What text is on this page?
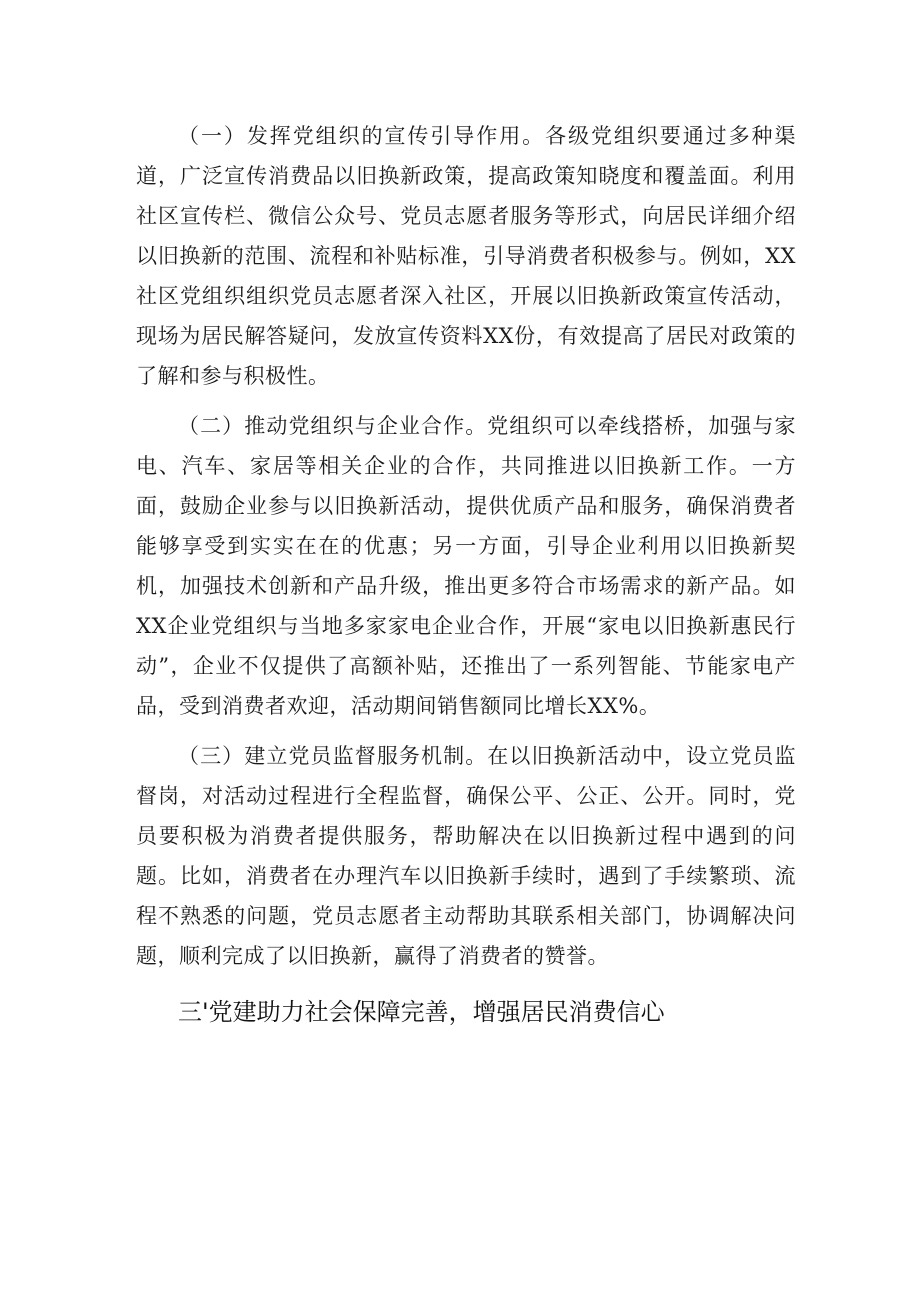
（一）发挥党组织的宣传引导作用。各级党组织要通过多种渠道，广泛宣传消费品以旧换新政策，提高政策知晓度和覆盖面。利用社区宣传栏、微信公众号、党员志愿者服务等形式，向居民详细介绍以旧换新的范围、流程和补贴标准，引导消费者积极参与。例如，XX社区党组织组织党员志愿者深入社区，开展以旧换新政策宣传活动，现场为居民解答疑问，发放宣传资料XX份，有效提高了居民对政策的了解和参与积极性。

（二）推动党组织与企业合作。党组织可以牵线搭桥，加强与家电、汽车、家居等相关企业的合作，共同推进以旧换新工作。一方面，鼓励企业参与以旧换新活动，提供优质产品和服务，确保消费者能够享受到实实在在的优惠；另一方面，引导企业利用以旧换新契机，加强技术创新和产品升级，推出更多符合市场需求的新产品。如XX企业党组织与当地多家家电企业合作，开展“家电以旧换新惠民行动”，企业不仅提供了高额补贴，还推出了一系列智能、节能家电产品，受到消费者欢迎，活动期间销售额同比增长XX%。

（三）建立党员监督服务机制。在以旧换新活动中，设立党员监督岗，对活动过程进行全程监督，确保公平、公正、公开。同时，党员要积极为消费者提供服务，帮助解决在以旧换新过程中遇到的问题。比如，消费者在办理汽车以旧换新手续时，遇到了手续繁琐、流程不熟悉的问题，党员志愿者主动帮助其联系相关部门，协调解决问题，顺利完成了以旧换新，赢得了消费者的赞誉。

三'党建助力社会保障完善，增强居民消费信心
